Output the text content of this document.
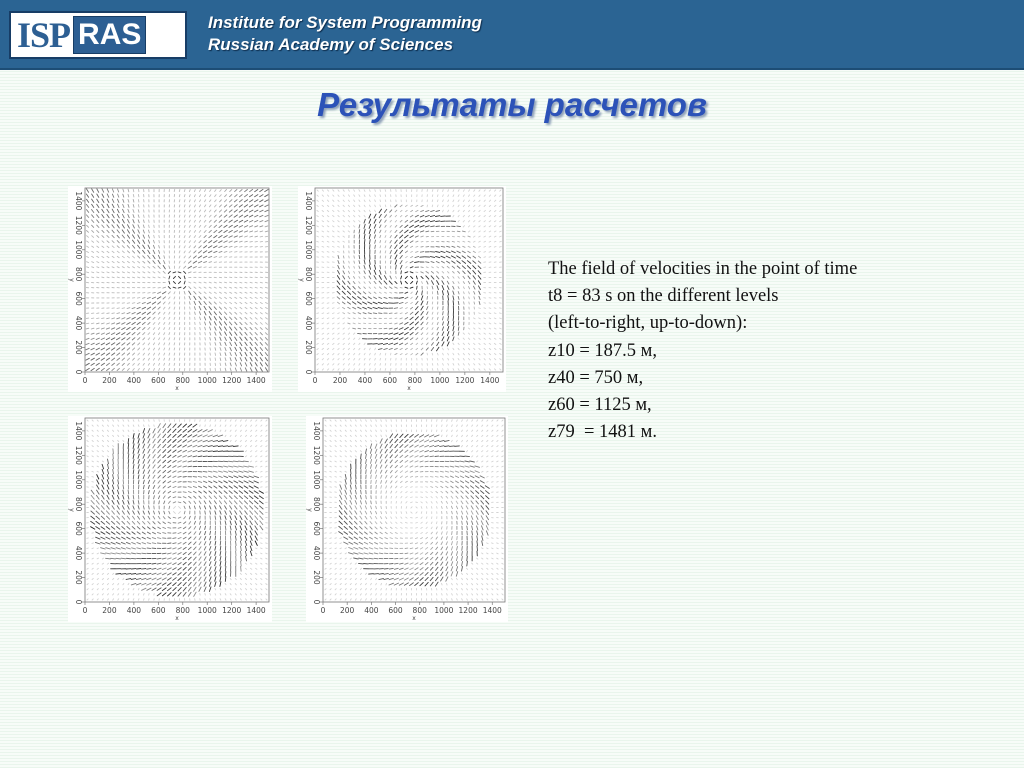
ISP RAS	Institute for System Programming
Russian Academy of Sciences
Результаты расчетов
0 200 400 600 800 1000 1200 1400
0
200
400
600
800
1000
1200
1400
x
y
0 200 400 600 800 1000 1200 1400
0
200
400
600
800
1000
1200
1400
x
y
0 200 400 600 800 1000 1200 1400
0
200
400
600
800
1000
1200
1400
x
y
0 200 400 600 800 1000 1200 1400
0
200
400
600
800
1000
1200
1400
x
y
The field of velocities in the point of time
t8 = 83 s on the different levels
(left-to-right, up-to-down):
z10 = 187.5 м,
z40 = 750 м,
z60 = 1125 м,
z79  = 1481 м.
